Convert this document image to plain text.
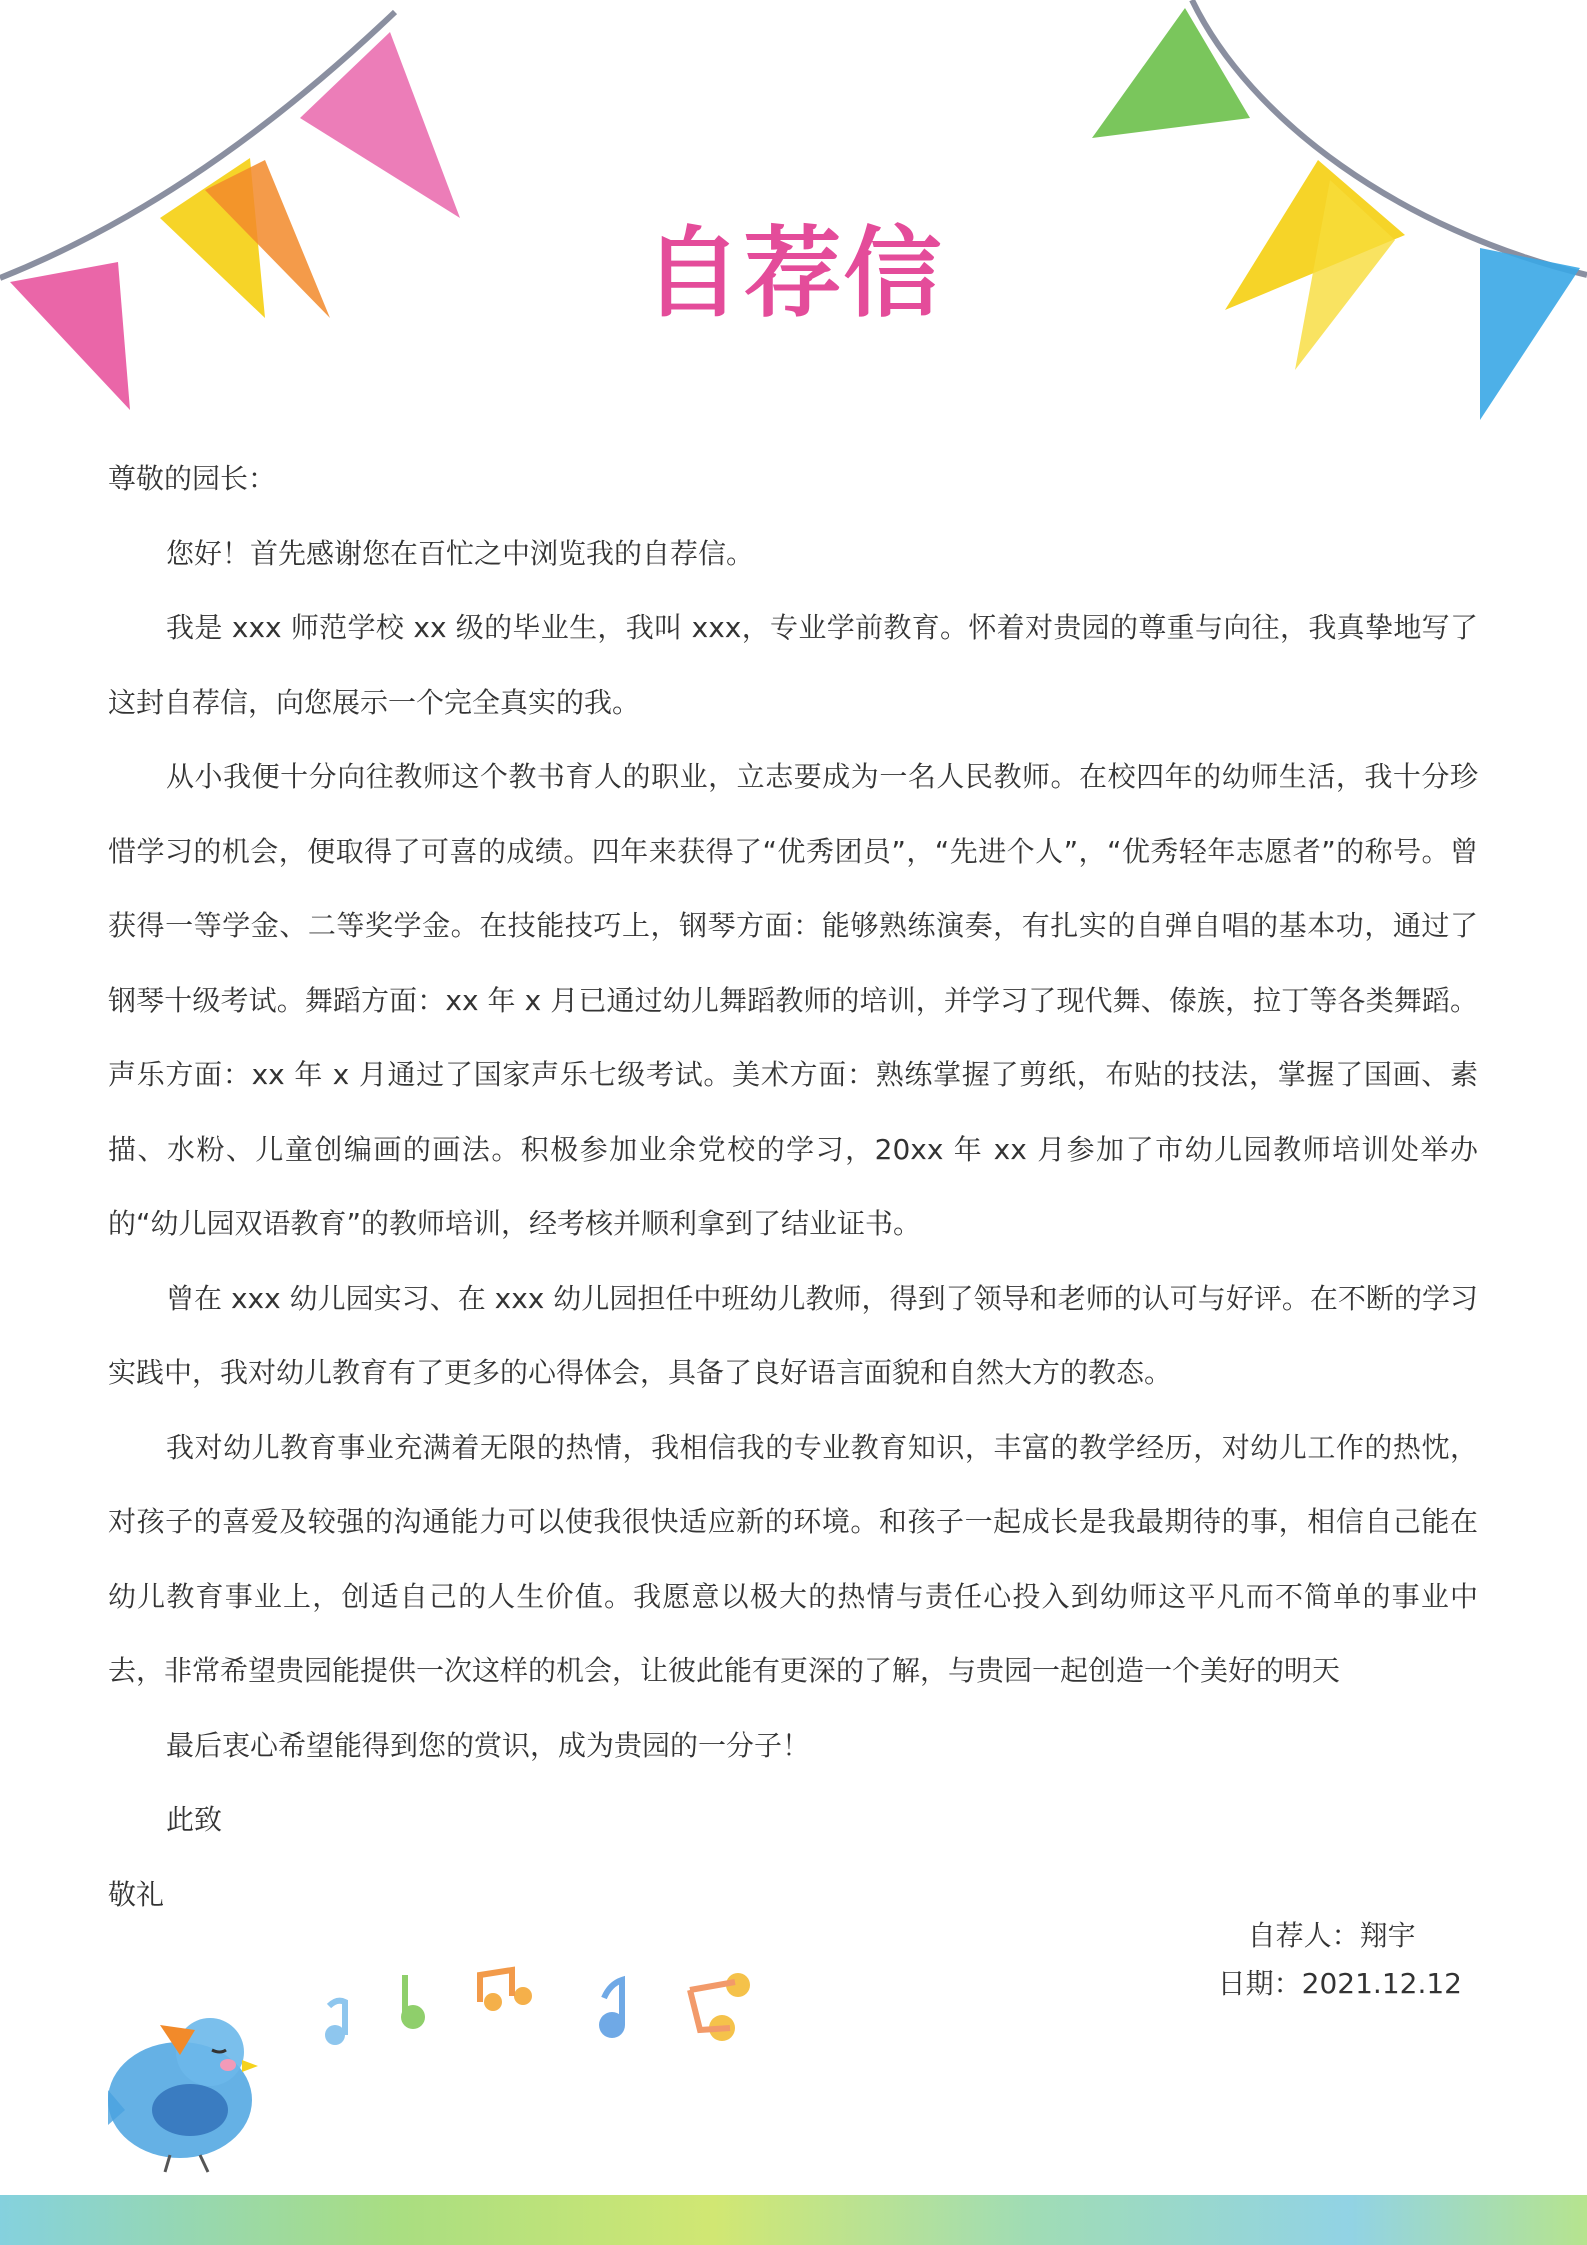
自荐信

尊敬的园长：

您好！首先感谢您在百忙之中浏览我的自荐信。

我是 xxx 师范学校 xx 级的毕业生，我叫 xxx，专业学前教育。怀着对贵园的尊重与向往，我真挚地写了这封自荐信，向您展示一个完全真实的我。

从小我便十分向往教师这个教书育人的职业，立志要成为一名人民教师。在校四年的幼师生活，我十分珍惜学习的机会，便取得了可喜的成绩。四年来获得了“优秀团员”，“先进个人”，“优秀轻年志愿者”的称号。曾获得一等学金、二等奖学金。在技能技巧上，钢琴方面：能够熟练演奏，有扎实的自弹自唱的基本功，通过了钢琴十级考试。舞蹈方面：xx 年 x 月已通过幼儿舞蹈教师的培训，并学习了现代舞、傣族，拉丁等各类舞蹈。声乐方面：xx 年 x 月通过了国家声乐七级考试。美术方面：熟练掌握了剪纸，布贴的技法，掌握了国画、素描、水粉、儿童创编画的画法。积极参加业余党校的学习，20xx 年 xx 月参加了市幼儿园教师培训处举办的“幼儿园双语教育”的教师培训，经考核并顺利拿到了结业证书。

曾在 xxx 幼儿园实习、在 xxx 幼儿园担任中班幼儿教师，得到了领导和老师的认可与好评。在不断的学习实践中，我对幼儿教育有了更多的心得体会，具备了良好语言面貌和自然大方的教态。

我对幼儿教育事业充满着无限的热情，我相信我的专业教育知识，丰富的教学经历，对幼儿工作的热忱，对孩子的喜爱及较强的沟通能力可以使我很快适应新的环境。和孩子一起成长是我最期待的事，相信自己能在幼儿教育事业上，创适自己的人生价值。我愿意以极大的热情与责任心投入到幼师这平凡而不简单的事业中去，非常希望贵园能提供一次这样的机会，让彼此能有更深的了解，与贵园一起创造一个美好的明天

最后衷心希望能得到您的赏识，成为贵园的一分子！

此致

敬礼

自荐人：翔宇
日期：2021.12.12
